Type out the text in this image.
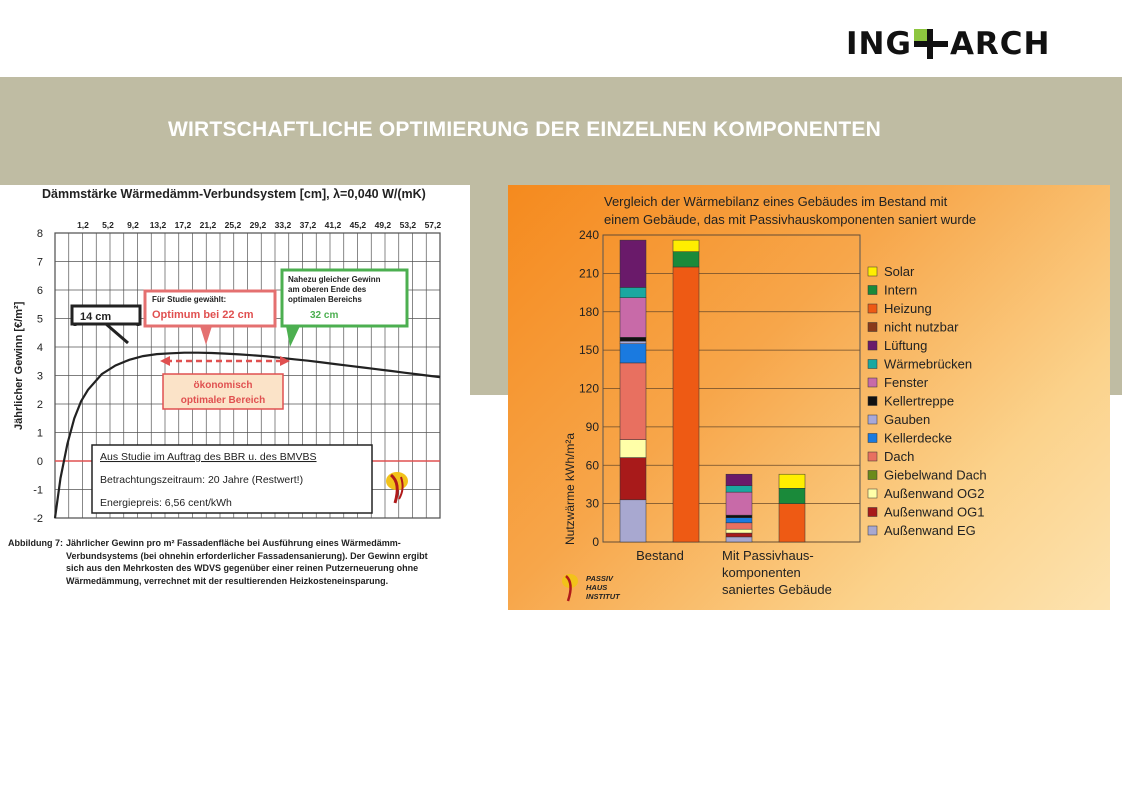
ING ARCH
WIRTSCHAFTLICHE OPTIMIERUNG DER EINZELNEN KOMPONENTEN
Dämmstärke Wärmedämm-Verbundsystem [cm], λ=0,040 W/(mK)
1,2 5,2 9,2 13,2 17,2 21,2 25,2 29,2 33,2 37,2 41,2 45,2 49,2 53,2 57,2
8
7
6
5
4
3
2
1
0
-1
-2
Jährlicher Gewinn [€/m²]	14 cm
Für Studie gewählt:
Optimum bei 22 cm
Nahezu gleicher Gewinn
am oberen Ende des
optimalen Bereichs
32 cm
ökonomisch
optimaler Bereich
Aus Studie im Auftrag des BBR u. des BMVBS
Betrachtungszeitraum: 20 Jahre (Restwert!)
Energiepreis: 6,56 cent/kWh
Abbildung 7: Jährlicher Gewinn pro m² Fassadenfläche bei Ausführung eines Wärmedämm-Verbundsystems (bei ohnehin erforderlicher Fassadensanierung). Der Gewinn ergibt sich aus den Mehrkosten des WDVS gegenüber einer reinen Putzerneuerung ohne Wärmedämmung, verrechnet mit der resultierenden Heizkosteneinsparung.
Vergleich der Wärmebilanz eines Gebäudes im Bestand mit
einem Gebäude, das mit Passivhauskomponenten saniert wurde
Nutzwärme kWh/m²a 0
30
60
90
120
150
180
210
240
Bestand	Mit Passivhaus-
komponenten
saniertes Gebäude
Solar
Intern
Heizung
nicht nutzbar
Lüftung
Wärmebrücken
Fenster
Kellertreppe
Gauben
Kellerdecke
Dach
Giebelwand Dach
Außenwand OG2
Außenwand OG1
Außenwand EG
PASSIV
HAUS
INSTITUT
